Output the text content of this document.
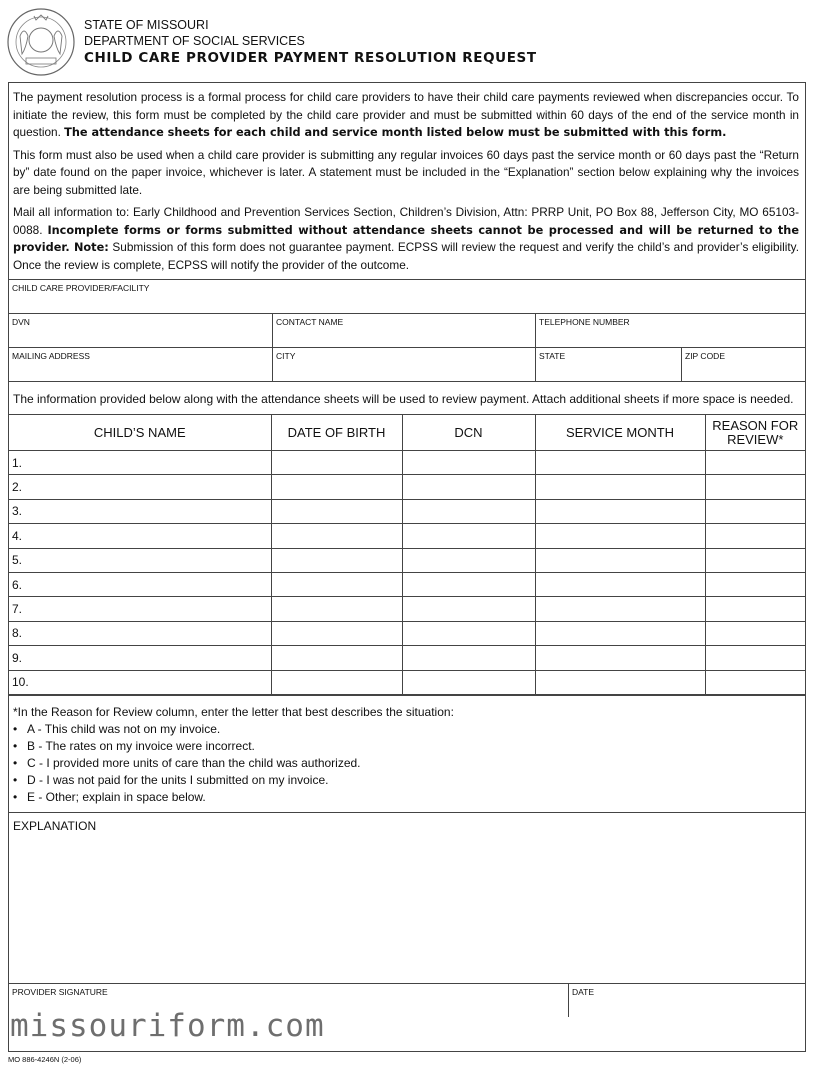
STATE OF MISSOURI
DEPARTMENT OF SOCIAL SERVICES
CHILD CARE PROVIDER PAYMENT RESOLUTION REQUEST

The payment resolution process is a formal process for child care providers to have their child care payments reviewed when discrepancies occur. To initiate the review, this form must be completed by the child care provider and must be submitted within 60 days of the end of the service month in question. The attendance sheets for each child and service month listed below must be submitted with this form.

This form must also be used when a child care provider is submitting any regular invoices 60 days past the service month or 60 days past the “Return by” date found on the paper invoice, whichever is later. A statement must be included in the “Explanation” section below explaining why the invoices are being submitted late.

Mail all information to: Early Childhood and Prevention Services Section, Children’s Division, Attn: PRRP Unit, PO Box 88, Jefferson City, MO 65103-0088. Incomplete forms or forms submitted without attendance sheets cannot be processed and will be returned to the provider. Note: Submission of this form does not guarantee payment. ECPSS will review the request and verify the child’s and provider’s eligibility. Once the review is complete, ECPSS will notify the provider of the outcome.

CHILD CARE PROVIDER/FACILITY
DVN	CONTACT NAME	TELEPHONE NUMBER
MAILING ADDRESS	CITY	STATE	ZIP CODE
The information provided below along with the attendance sheets will be used to review payment. Attach additional sheets if more space is needed.
CHILD’S NAME	DATE OF BIRTH	DCN	SERVICE MONTH	REASON FOR REVIEW*
1.				
2.				
3.				
4.				
5.				
6.				
7.				
8.				
9.				
10.				
*In the Reason for Review column, enter the letter that best describes the situation:
• A - This child was not on my invoice.
• B - The rates on my invoice were incorrect.
• C - I provided more units of care than the child was authorized.
• D - I was not paid for the units I submitted on my invoice.
• E - Other; explain in space below.
EXPLANATION
PROVIDER SIGNATURE	DATE
missouriform.com
MO 886-4246N (2-06)
